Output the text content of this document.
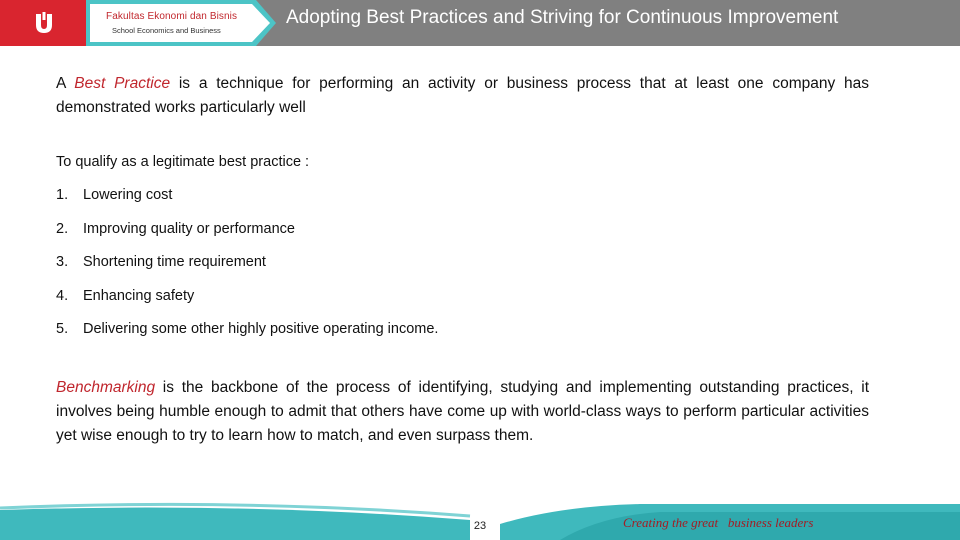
Fakultas Ekonomi dan Bisnis
School Economics and Business
Adopting Best Practices and Striving for Continuous Improvement
A Best Practice is a technique for performing an activity or business process that at least one company has demonstrated works particularly well
To qualify as a legitimate best practice :
1. Lowering cost
2. Improving quality or performance
3. Shortening time requirement
4. Enhancing safety
5. Delivering some other highly positive operating income.
Benchmarking is the backbone of the process of identifying, studying and implementing outstanding practices, it involves being humble enough to admit that others have come up with world-class ways to perform particular activities yet wise enough to try to learn how to match, and even surpass them.
23	Creating the great   business leaders
